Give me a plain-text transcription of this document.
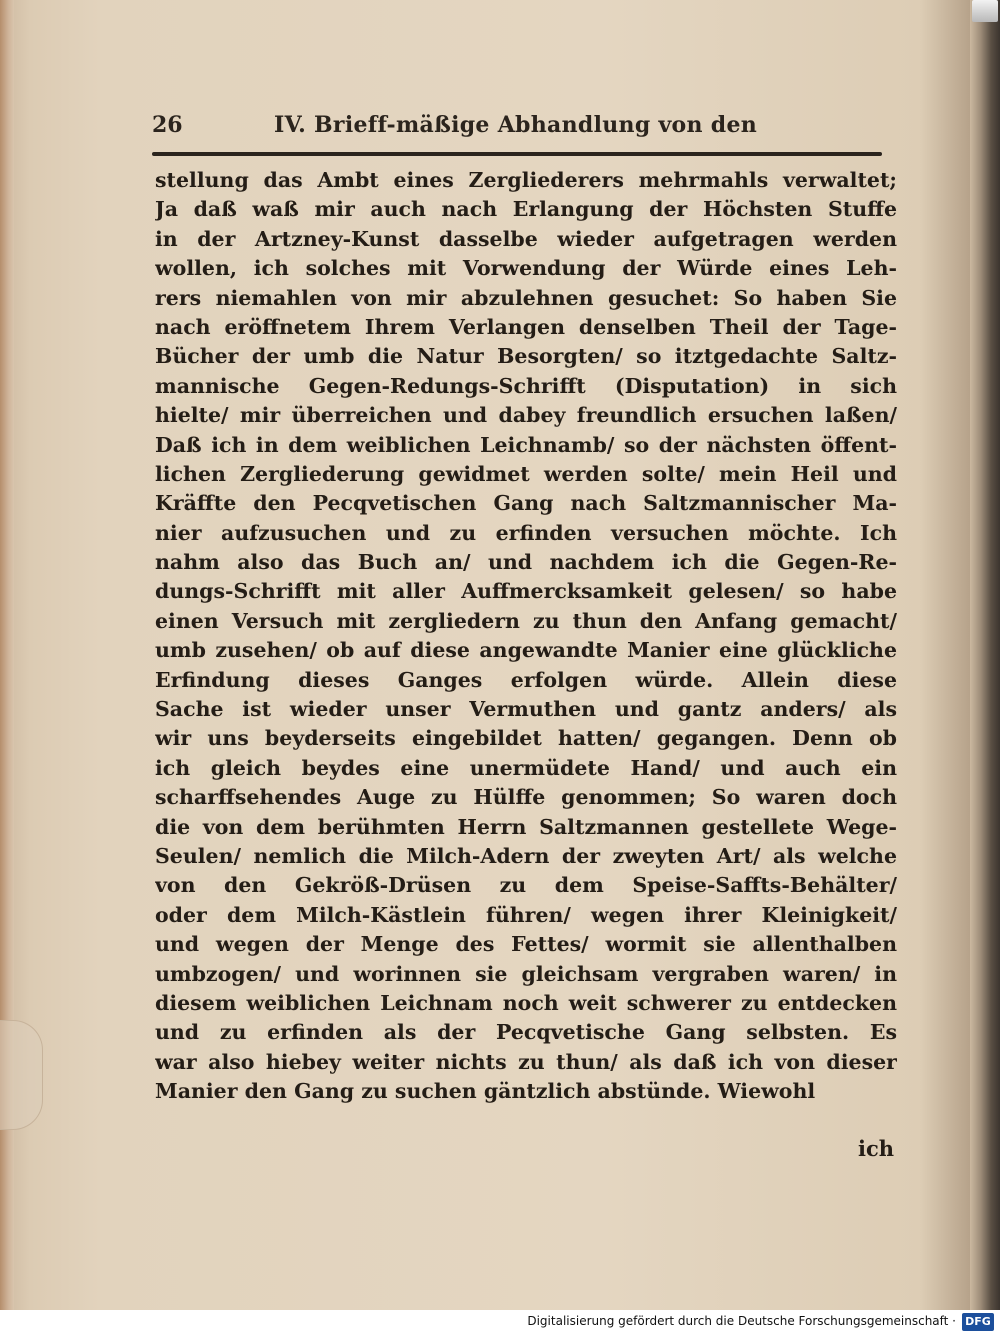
26	IV. Brieff-mäßige Abhandlung von den
stellung das Ambt eines Zergliederers mehrmahls verwaltet;
Ja daß waß mir auch nach Erlangung der Höchsten Stuffe
in der Artzney-Kunst dasselbe wieder aufgetragen werden
wollen, ich solches mit Vorwendung der Würde eines Leh-
rers niemahlen von mir abzulehnen gesuchet: So haben Sie
nach eröffnetem Ihrem Verlangen denselben Theil der Tage-
Bücher der umb die Natur Besorgten/ so itztgedachte Saltz-
mannische Gegen-Redungs-Schrifft (Disputation) in sich
hielte/ mir überreichen und dabey freundlich ersuchen laßen/
Daß ich in dem weiblichen Leichnamb/ so der nächsten öffent-
lichen Zergliederung gewidmet werden solte/ mein Heil und
Kräffte den Pecqvetischen Gang nach Saltzmannischer Ma-
nier aufzusuchen und zu erfinden versuchen möchte. Ich
nahm also das Buch an/ und nachdem ich die Gegen-Re-
dungs-Schrifft mit aller Auffmercksamkeit gelesen/ so habe
einen Versuch mit zergliedern zu thun den Anfang gemacht/
umb zusehen/ ob auf diese angewandte Manier eine glückliche
Erfindung dieses Ganges erfolgen würde. Allein diese
Sache ist wieder unser Vermuthen und gantz anders/ als
wir uns beyderseits eingebildet hatten/ gegangen. Denn ob
ich gleich beydes eine unermüdete Hand/ und auch ein
scharffsehendes Auge zu Hülffe genommen; So waren doch
die von dem berühmten Herrn Saltzmannen gestellete Wege-
Seulen/ nemlich die Milch-Adern der zweyten Art/ als welche
von den Gekröß-Drüsen zu dem Speise-Saffts-Behälter/
oder dem Milch-Kästlein führen/ wegen ihrer Kleinigkeit/
und wegen der Menge des Fettes/ wormit sie allenthalben
umbzogen/ und worinnen sie gleichsam vergraben waren/ in
diesem weiblichen Leichnam noch weit schwerer zu entdecken
und zu erfinden als der Pecqvetische Gang selbsten. Es
war also hiebey weiter nichts zu thun/ als daß ich von dieser
Manier den Gang zu suchen gäntzlich abstünde. Wiewohl
ich
Digitalisierung gefördert durch die Deutsche Forschungsgemeinschaft · DFG
